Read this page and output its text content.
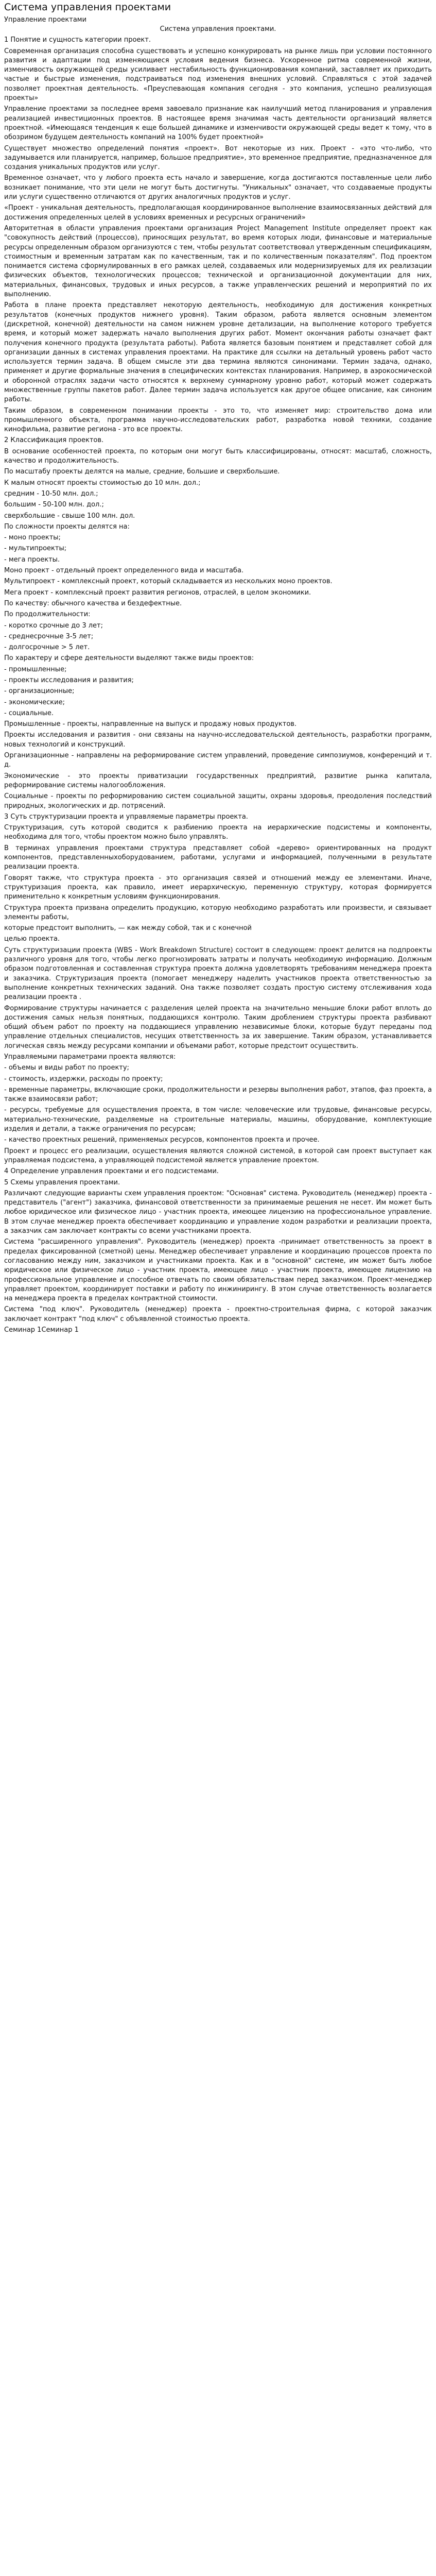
Система управления проектами

Управление проектами

Система управления проектами.

1 Понятие и сущность категории проект.

Современная организация способна существовать и успешно конкурировать на рынке лишь при условии постоянного развития и адаптации под изменяющиеся условия ведения бизнеса. Ускоренное ритма современной жизни, изменчивость окружающей среды усиливает нестабильность функционирования компаний, заставляет их приходить частые и быстрые изменения, подстраиваться под изменения внешних условий. Справляться с этой задачей позволяет проектная деятельность. «Преуспевающая компания сегодня - это компания, успешно реализующая проекты»

Управление проектами за последнее время завоевало признание как наилучший метод планирования и управления реализацией инвестиционных проектов. В настоящее время значимая часть деятельности организаций является проектной. «Имеющаяся тенденция к еще большей динамике и изменчивости окружающей среды ведет к тому, что в обозримом будущем деятельность компаний на 100% будет проектной»

Существует множество определений понятия «проект». Вот некоторые из них. Проект - «это что-либо, что задумывается или планируется, например, большое предприятие», это временное предприятие, предназначенное для создания уникальных продуктов или услуг.

Временное означает, что у любого проекта есть начало и завершение, когда достигаются поставленные цели либо возникает понимание, что эти цели не могут быть достигнуты. "Уникальных" означает, что создаваемые продукты или услуги существенно отличаются от других аналогичных продуктов и услуг.

«Проект - уникальная деятельность, предполагающая координированное выполнение взаимосвязанных действий для достижения определенных целей в условиях временных и ресурсных ограничений»

Авторитетная в области управления проектами организация Project Management Institute определяет проект как "совокупность действий (процессов), приносящих результат, во время которых люди, финансовые и материальные ресурсы определенным образом организуются с тем, чтобы результат соответствовал утвержденным спецификациям, стоимостным и временным затратам как по качественным, так и по количественным показателям". Под проектом понимается система сформулированных в его рамках целей, создаваемых или модернизируемых для их реализации физических объектов, технологических процессов; технической и организационной документации для них, материальных, финансовых, трудовых и иных ресурсов, а также управленческих решений и мероприятий по их выполнению.

Работа в плане проекта представляет некоторую деятельность, необходимую для достижения конкретных результатов (конечных продуктов нижнего уровня). Таким образом, работа является основным элементом (дискретной, конечной) деятельности на самом нижнем уровне детализации, на выполнение которого требуется время, и который может задержать начало выполнения других работ. Момент окончания работы означает факт получения конечного продукта (результата работы). Работа является базовым понятием и представляет собой для организации данных в системах управления проектами. На практике для ссылки на детальный уровень работ часто используется термин задача. В общем смысле эти два термина являются синонимами. Термин задача, однако, применяет и другие формальные значения в специфических контекстах планирования. Например, в аэрокосмической и оборонной отраслях задачи часто относятся к верхнему суммарному уровню работ, который может содержать множественные группы пакетов работ. Далее термин задача используется как другое общее описание, как синоним работы.

Таким образом, в современном понимании проекты - это то, что изменяет мир: строительство дома или промышленного объекта, программа научно-исследовательских работ, разработка новой техники, создание кинофильма, развитие региона - это все проекты.

2 Классификация проектов.

В основание особенностей проекта, по которым они могут быть классифицированы, относят: масштаб, сложность, качество и продолжительность.

По масштабу проекты делятся на малые, средние, большие и сверхбольшие.

К малым относят проекты стоимостью до 10 млн. дол.;

средним - 10-50 млн. дол.;

большим - 50-100 млн. дол.;

сверхбольшие - свыше 100 млн. дол.

По сложности проекты делятся на:

- моно проекты;

- мультипроекты;

- мега проекты.

Моно проект - отдельный проект определенного вида и масштаба.

Мультипроект - комплексный проект, который складывается из нескольких моно проектов.

Мега проект - комплексный проект развития регионов, отраслей, в целом экономики.

По качеству: обычного качества и бездефектные.

По продолжительности:

- коротко срочные до 3 лет;

- среднесрочные 3-5 лет;

- долгосрочные > 5 лет.

По характеру и сфере деятельности выделяют также виды проектов:

- промышленные;

- проекты исследования и развития;

- организационные;

- экономические;

- социальные.

Промышленные - проекты, направленные на выпуск и продажу новых продуктов.

Проекты исследования и развития - они связаны на научно-исследовательской деятельность, разработки программ, новых технологий и конструкций.

Организационные - направлены на реформирование систем управлений, проведение симпозиумов, конференций и т. д.

Экономические - это проекты приватизации государственных предприятий, развитие рынка капитала, реформирование системы налогообложения.

Социальные - проекты по реформированию систем социальной защиты, охраны здоровья, преодоления последствий природных, экологических и др. потрясений.

3 Суть структуризации проекта и управляемые параметры проекта.

Структуризация, суть которой сводится к разбиению проекта на иерархические подсистемы и компоненты, необходима для того, чтобы проектом можно было управлять.

В терминах управления проектами структура представляет собой «дерево» ориентированных на продукт компонентов, представленныхоборудованием, работами, услугами и информацией, полученными в результате реализации проекта.

Говорят также, что структура проекта - это организация связей и отношений между ее элементами. Иначе, структуризация проекта, как правило, имеет иерархическую, переменную структуру, которая формируется применительно к конкретным условиям функционирования.

Структура проекта призвана определить продукцию, которую необходимо разработать или произвести, и связывает элементы работы,

которые предстоит выполнить, — как между собой, так и с конечной

целью проекта.

Суть структуризации проекта (WBS - Work Breakdown Structure) состоит в следующем: проект делится на подпроекты различного уровня для того, чтобы легко прогнозировать затраты и получать необходимую информацию. Должным образом подготовленная и составленная структура проекта должна удовлетворять требованиям менеджера проекта и заказчика. Структуризация проекта (помогает менеджеру наделить участников проекта ответственностью за выполнение конкретных технических заданий. Она также позволяет создать простую систему отслеживания хода реализации проекта .

Формирование структуры начинается с разделения целей проекта на значительно меньшие блоки работ вплоть до достижения самых нельзя понятных, поддающихся контролю. Таким дроблением структуры проекта разбивают общий объем работ по проекту на поддающиеся управлению независимые блоки, которые будут переданы под управление отдельных специалистов, несущих ответственность за их завершение. Таким образом, устанавливается логическая связь между ресурсами компании и объемами работ, которые предстоит осуществить.

Управляемыми параметрами проекта являются:

- объемы и виды работ по проекту;

- стоимость, издержки, расходы по проекту;

- временные параметры, включающие сроки, продолжительности и резервы выполнения работ, этапов, фаз проекта, а также взаимосвязи работ;

- ресурсы, требуемые для осуществления проекта, в том числе: человеческие или трудовые, финансовые ресурсы, материально-технические, разделяемые на строительные материалы, машины, оборудование, комплектующие изделия и детали, а также ограничения по ресурсам;

- качество проектных решений, применяемых ресурсов, компонентов проекта и прочее.

Проект и процесс его реализации, осуществления являются сложной системой, в которой сам проект выступает как управляемая подсистема, а управляющей подсистемой является управление проектом.

4 Определение управления проектами и его подсистемами.

5 Схемы управления проектами.

Различают следующие варианты схем управления проектом: "Основная" система. Руководитель (менеджер) проекта - представитель ("агент") заказчика, финансовой ответственности за принимаемые решения не несет. Им может быть любое юридическое или физическое лицо - участник проекта, имеющее лицензию на профессиональное управление. В этом случае менеджер проекта обеспечивает координацию и управление ходом разработки и реализации проекта, а заказчик сам заключает контракты со всеми участниками проекта.

Система "расширенного управления". Руководитель (менеджер) проекта -принимает ответственность за проект в пределах фиксированной (сметной) цены. Менеджер обеспечивает управление и координацию процессов проекта по согласованию между ним, заказчиком и участниками проекта. Как и в "основной" системе, им может быть любое юридическое или физическое лицо - участник проекта, имеющее лицо - участник проекта, имеющее лицензию на профессиональное управление и способное отвечать по своим обязательствам перед заказчиком. Проект-менеджер управляет проектом, координирует поставки и работу по инжинирингу. В этом случае ответственность возлагается на менеджера проекта в пределах контрактной стоимости.

Система "под ключ". Руководитель (менеджер) проекта - проектно-строительная фирма, с которой заказчик заключает контракт "под ключ" с объявленной стоимостью проекта.

Семинар 1Семинар 1
